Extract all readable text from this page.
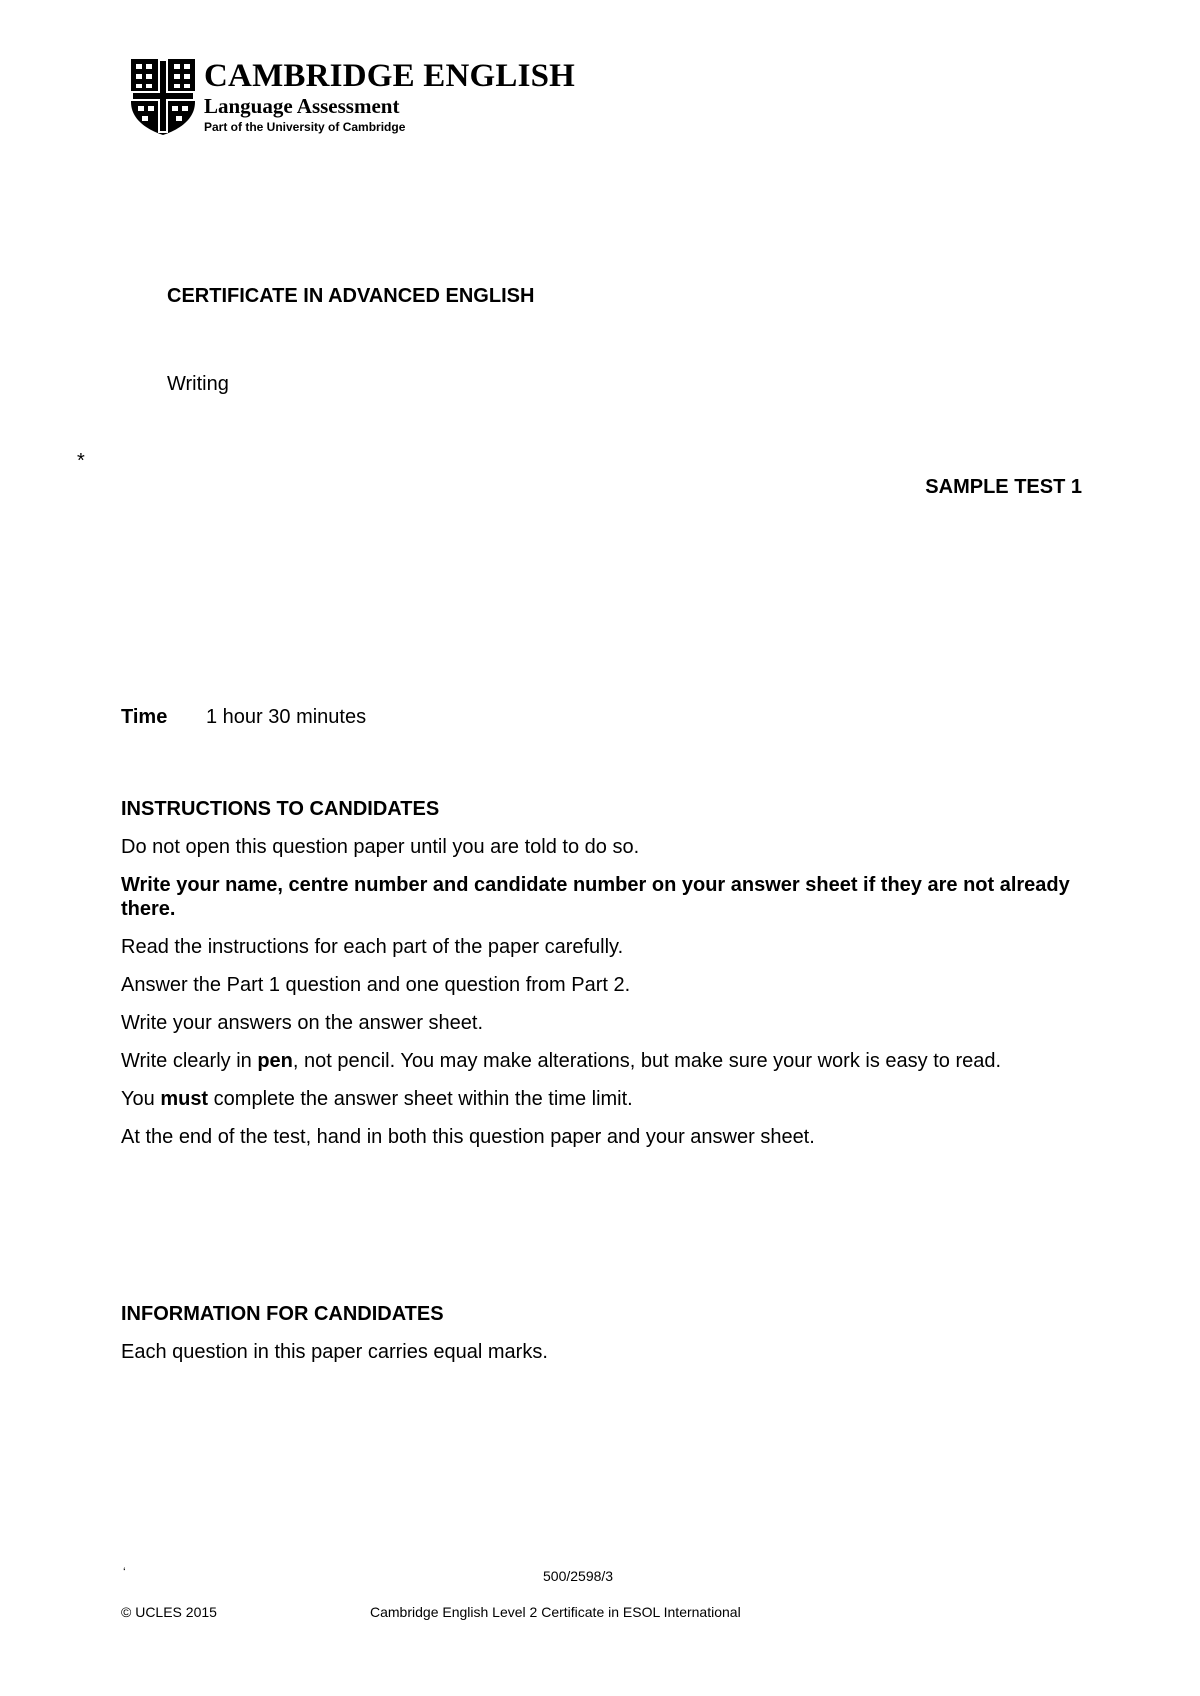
CAMBRIDGE ENGLISH
Language Assessment
Part of the University of Cambridge
CERTIFICATE IN ADVANCED ENGLISH
Writing
*
SAMPLE TEST 1
Time	1 hour 30 minutes
INSTRUCTIONS TO CANDIDATES
Do not open this question paper until you are told to do so.
Write your name, centre number and candidate number on your answer sheet if they are not already there.
Read the instructions for each part of the paper carefully.
Answer the Part 1 question and one question from Part 2.
Write your answers on the answer sheet.
Write clearly in pen, not pencil. You may make alterations, but make sure your work is easy to read.
You must complete the answer sheet within the time limit.
At the end of the test, hand in both this question paper and your answer sheet.
INFORMATION FOR CANDIDATES
Each question in this paper carries equal marks.
‘	500/2598/3
© UCLES 2015	Cambridge English Level 2 Certificate in ESOL International
